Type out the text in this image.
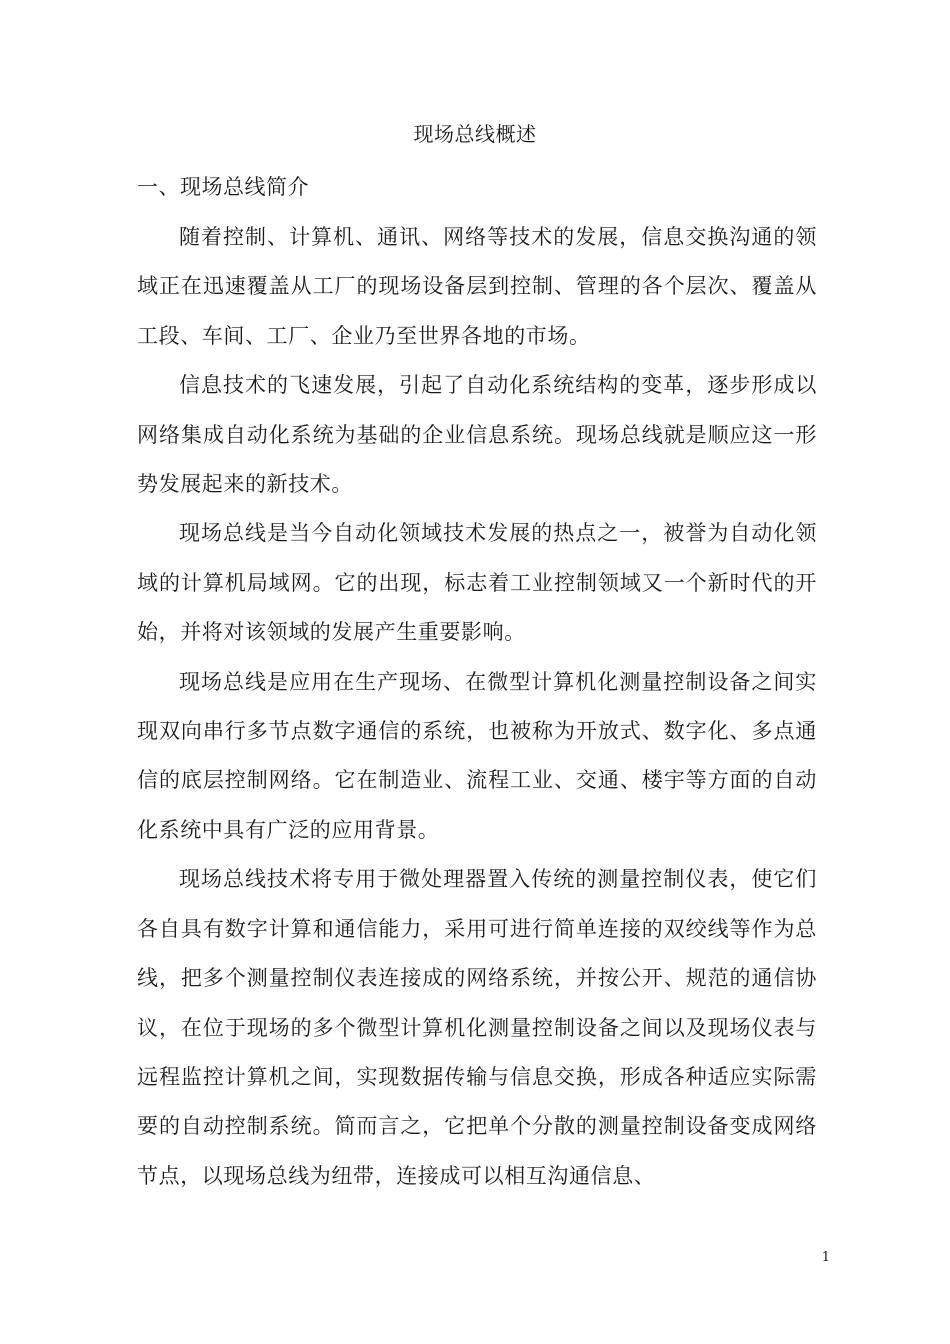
现场总线概述
一、现场总线简介

随着控制、计算机、通讯、网络等技术的发展，信息交换沟通的领域正在迅速覆盖从工厂的现场设备层到控制、管理的各个层次、覆盖从工段、车间、工厂、企业乃至世界各地的市场。

信息技术的飞速发展，引起了自动化系统结构的变革，逐步形成以网络集成自动化系统为基础的企业信息系统。现场总线就是顺应这一形势发展起来的新技术。

现场总线是当今自动化领域技术发展的热点之一，被誉为自动化领域的计算机局域网。它的出现，标志着工业控制领域又一个新时代的开始，并将对该领域的发展产生重要影响。

现场总线是应用在生产现场、在微型计算机化测量控制设备之间实现双向串行多节点数字通信的系统，也被称为开放式、数字化、多点通信的底层控制网络。它在制造业、流程工业、交通、楼宇等方面的自动化系统中具有广泛的应用背景。

现场总线技术将专用于微处理器置入传统的测量控制仪表，使它们各自具有数字计算和通信能力，采用可进行简单连接的双绞线等作为总线，把多个测量控制仪表连接成的网络系统，并按公开、规范的通信协议，在位于现场的多个微型计算机化测量控制设备之间以及现场仪表与远程监控计算机之间，实现数据传输与信息交换，形成各种适应实际需要的自动控制系统。简而言之，它把单个分散的测量控制设备变成网络节点，以现场总线为纽带，连接成可以相互沟通信息、

1
